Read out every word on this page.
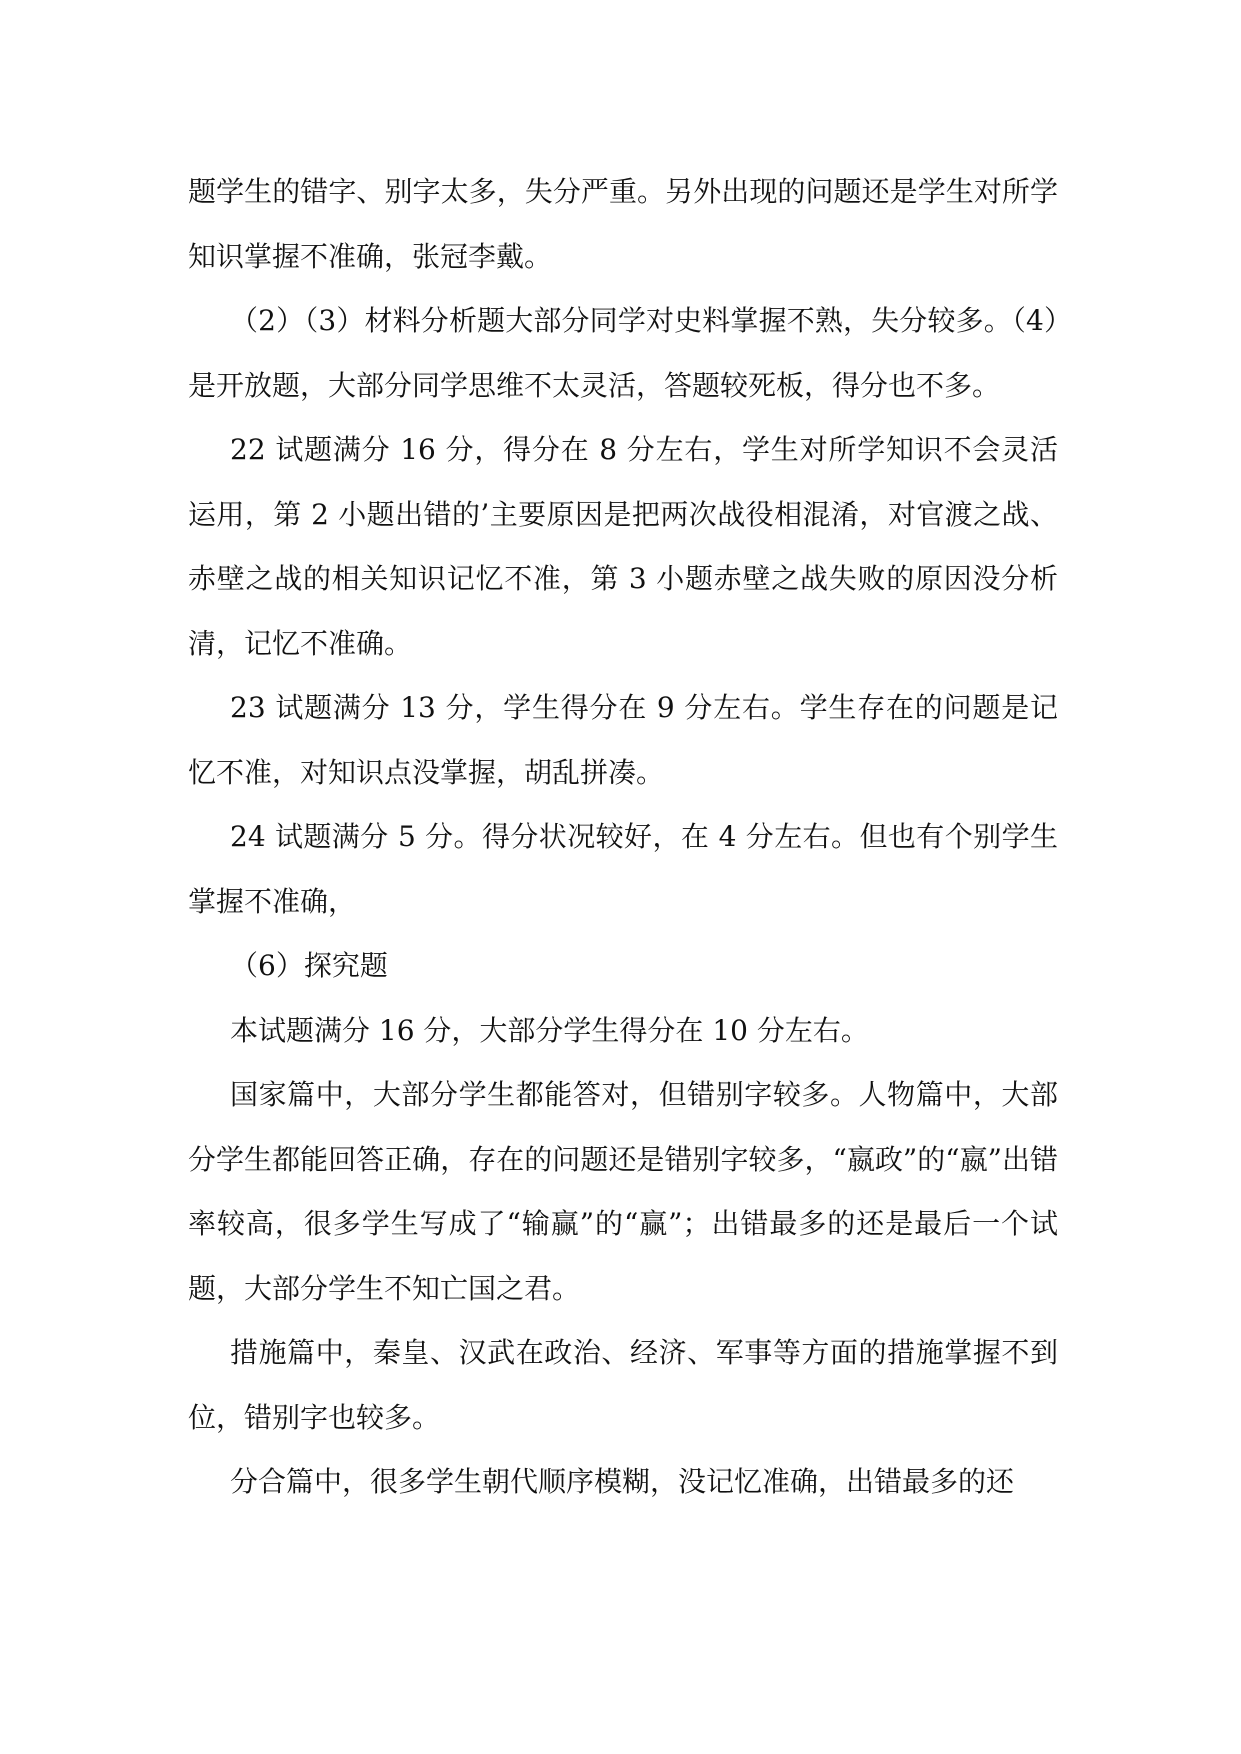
题学生的错字、别字太多，失分严重。另外出现的问题还是学生对所学知识掌握不准确，张冠李戴。

（2）（3）材料分析题大部分同学对史料掌握不熟，失分较多。（4）是开放题，大部分同学思维不太灵活，答题较死板，得分也不多。

22 试题满分 16 分，得分在 8 分左右，学生对所学知识不会灵活运用，第 2 小题出错的’主要原因是把两次战役相混淆，对官渡之战、赤壁之战的相关知识记忆不准，第 3 小题赤壁之战失败的原因没分析清，记忆不准确。

23 试题满分 13 分，学生得分在 9 分左右。学生存在的问题是记忆不准，对知识点没掌握，胡乱拼凑。

24 试题满分 5 分。得分状况较好，在 4 分左右。但也有个别学生掌握不准确，

（6）探究题

本试题满分 16 分，大部分学生得分在 10 分左右。

国家篇中，大部分学生都能答对，但错别字较多。人物篇中，大部分学生都能回答正确，存在的问题还是错别字较多，“嬴政”的“嬴”出错率较高，很多学生写成了“输赢”的“赢”；出错最多的还是最后一个试题，大部分学生不知亡国之君。

措施篇中，秦皇、汉武在政治、经济、军事等方面的措施掌握不到位，错别字也较多。

分合篇中，很多学生朝代顺序模糊，没记忆准确，出错最多的还
